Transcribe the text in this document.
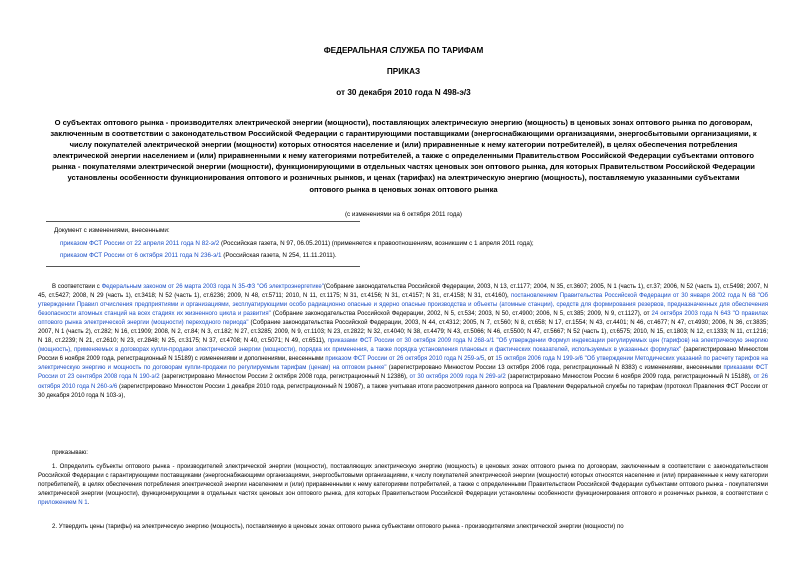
ФЕДЕРАЛЬНАЯ СЛУЖБА ПО ТАРИФАМ
ПРИКАЗ
от 30 декабря 2010 года N 498-э/3
О субъектах оптового рынка - производителях электрической энергии (мощности), поставляющих электрическую энергию (мощность) в ценовых зонах оптового рынка по договорам, заключенным в соответствии с законодательством Российской Федерации с гарантирующими поставщиками (энергоснабжающими организациями, энергосбытовыми организациями, к числу покупателей электрической энергии (мощности) которых относятся население и (или) приравненные к нему категории потребителей), в целях обеспечения потребления электрической энергии населением и (или) приравненными к нему категориями потребителей, а также с определенными Правительством Российской Федерации субъектами оптового рынка - покупателями электрической энергии (мощности), функционирующими в отдельных частях ценовых зон оптового рынка, для которых Правительством Российской Федерации установлены особенности функционирования оптового и розничных рынков, и ценах (тарифах) на электрическую энергию (мощность), поставляемую указанными субъектами оптового рынка в ценовых зонах оптового рынка
(с изменениями на 6 октября 2011 года)
Документ с изменениями, внесенными:
приказом ФСТ России от 22 апреля 2011 года N 82-э/2 (Российская газета, N 97, 06.05.2011) (применяется к правоотношениям, возникшим с 1 апреля 2011 года);
приказом ФСТ России от 6 октября 2011 года N 236-э/1 (Российская газета, N 254, 11.11.2011).

В соответствии с Федеральным законом от 26 марта 2003 года N 35-ФЗ "Об электроэнергетике"(Собрание законодательства Российской Федерации, 2003, N 13, ст.1177; 2004, N 35, ст.3607; 2005, N 1 (часть 1), ст.37; 2006, N 52 (часть 1), ст.5498; 2007, N 45, ст.5427; 2008, N 29 (часть 1), ст.3418; N 52 (часть 1), ст.6236; 2009, N 48, ст.5711; 2010, N 11, ст.1175; N 31, ст.4156; N 31, ст.4157; N 31, ст.4158; N 31, ст.4160), постановлением Правительства Российской Федерации от 30 января 2002 года N 68 "Об утверждении Правил отчисления предприятиями и организациями, эксплуатирующими особо радиационно опасные и ядерно опасные производства и объекты (атомные станции), средств для формирования резервов, предназначенных для обеспечения безопасности атомных станций на всех стадиях их жизненного цикла и развития" (Собрание законодательства Российской Федерации, 2002, N 5, ст.534; 2003, N 50, ст.4900; 2006, N 5, ст.385; 2009, N 9, ст.1127), от 24 октября 2003 года N 643 "О правилах оптового рынка электрической энергии (мощности) переходного периода" (Собрание законодательства Российской Федерации, 2003, N 44, ст.4312; 2005, N 7, ст.560; N 8, ст.658; N 17, ст.1554; N 43, ст.4401; N 46, ст.4677; N 47, ст.4930; 2006, N 36, ст.3835; 2007, N 1 (часть 2), ст.282; N 16, ст.1909; 2008, N 2, ст.84; N 3, ст.182; N 27, ст.3285; 2009, N 9, ст.1103; N 23, ст.2822; N 32, ст.4040; N 38, ст.4479; N 43, ст.5066; N 46, ст.5500; N 47, ст.5667; N 52 (часть 1), ст.6575; 2010, N 15, ст.1803; N 12, ст.1333; N 11, ст.1216; N 18, ст.2239; N 21, ст.2610; N 23, ст.2848; N 25, ст.3175; N 37, ст.4708; N 40, ст.5071; N 49, ст.6511), приказами ФСТ России от 30 октября 2009 года N 268-э/1 "Об утверждении Формул индексации регулируемых цен (тарифов) на электрическую энергию (мощность), применяемых в договорах купли-продажи электрической энергии (мощности), порядка их применения, а также порядка установления плановых и фактических показателей, используемых в указанных формулах" (зарегистрировано Минюстом России 6 ноября 2009 года, регистрационный N 15189) с изменениями и дополнениями, внесенными приказом ФСТ России от 26 октября 2010 года N 259-э/5, от 15 октября 2006 года N 199-э/6 "Об утверждении Методических указаний по расчету тарифов на электрическую энергию и мощность по договорам купли-продажи по регулируемым тарифам (ценам) на оптовом рынке" (зарегистрировано Минюстом России 13 октября 2006 года, регистрационный N 8383) с изменениями, внесенными приказами ФСТ России от 23 сентября 2008 года N 190-э/2 (зарегистрировано Минюстом России 2 октября 2008 года, регистрационный N 12386), от 30 октября 2009 года N 269-э/2 (зарегистрировано Минюстом России 6 ноября 2009 года, регистрационный N 15188), от 26 октября 2010 года N 260-э/6 (зарегистрировано Минюстом России 1 декабря 2010 года, регистрационный N 19087), а также учитывая итоги рассмотрения данного вопроса на Правлении Федеральной службы по тарифам (протокол Правления ФСТ России от 30 декабря 2010 года N 103-э),

приказываю:

1. Определить субъекты оптового рынка - производителей электрической энергии (мощности), поставляющих электрическую энергию (мощность) в ценовых зонах оптового рынка по договорам, заключенным в соответствии с законодательством Российской Федерации с гарантирующими поставщиками (энергоснабжающими организациями, энергосбытовыми организациями, к числу покупателей электрической энергии (мощности) которых относятся население и (или) приравненные к нему категории потребителей), в целях обеспечения потребления электрической энергии населением и (или) приравненными к нему категориями потребителей, а также с определенными Правительством Российской Федерации субъектами оптового рынка - покупателями электрической энергии (мощности), функционирующими в отдельных частях ценовых зон оптового рынка, для которых Правительством Российской Федерации установлены особенности функционирования оптового и розничных рынков, в соответствии с приложением N 1.

2. Утвердить цены (тарифы) на электрическую энергию (мощность), поставляемую в ценовых зонах оптового рынка субъектами оптового рынка - производителями электрической энергии (мощности) по
